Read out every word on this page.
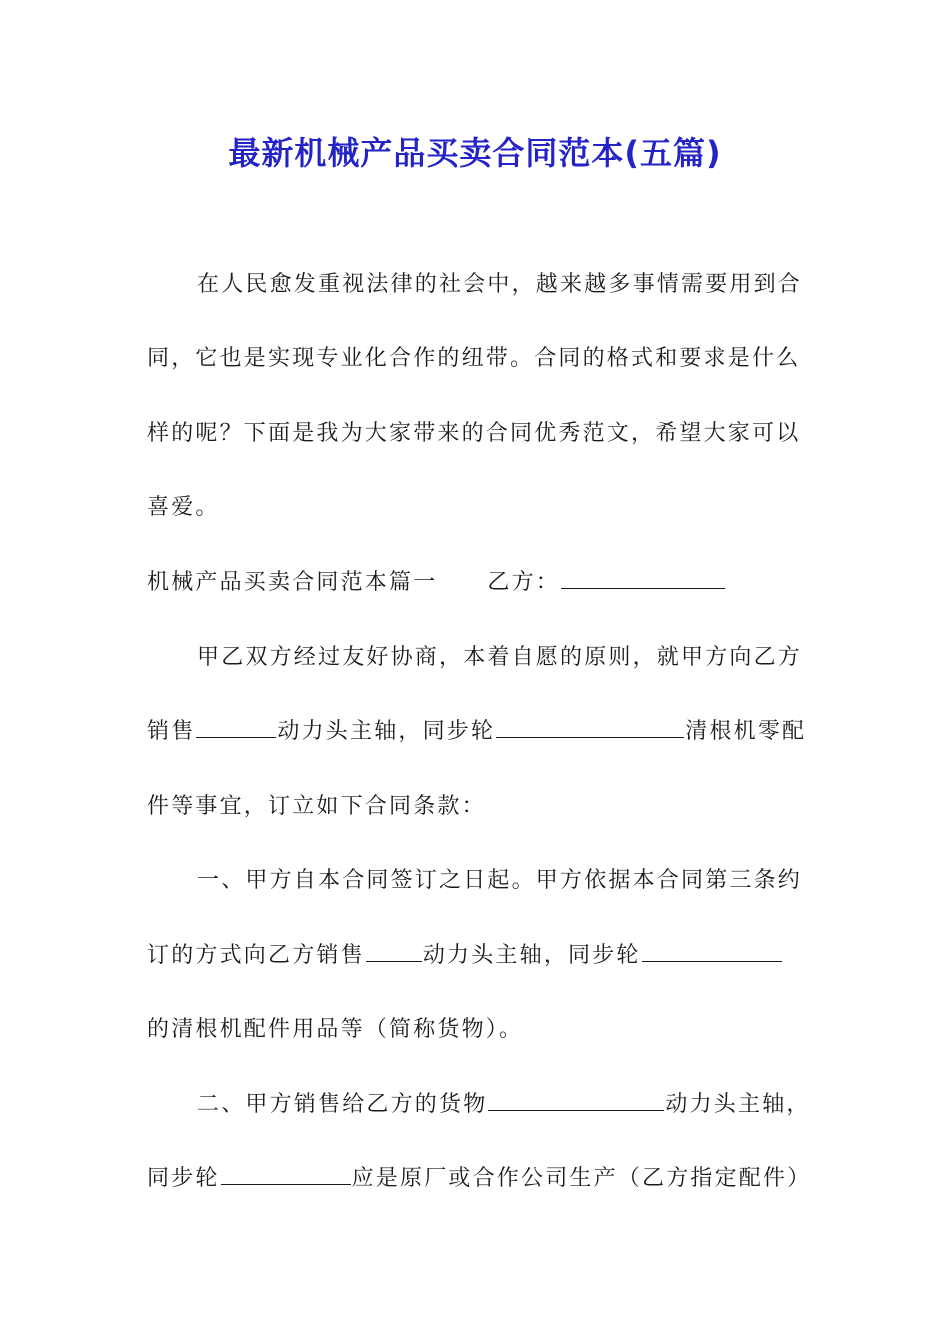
最新机械产品买卖合同范本(五篇)
在人民愈发重视法律的社会中，越来越多事情需要用到合
同，它也是实现专业化合作的纽带。合同的格式和要求是什么
样的呢？下面是我为大家带来的合同优秀范文，希望大家可以
喜爱。
机械产品买卖合同范本篇一 乙方：
甲乙双方经过友好协商，本着自愿的原则，就甲方向乙方
销售	动力头主轴，同步轮	清根机零配
件等事宜，订立如下合同条款：
一、甲方自本合同签订之日起。甲方依据本合同第三条约
订的方式向乙方销售	动力头主轴，同步轮
的清根机配件用品等（简称货物）。
二、甲方销售给乙方的货物	动力头主轴，
同步轮	应是原厂或合作公司生产（乙方指定配件）
